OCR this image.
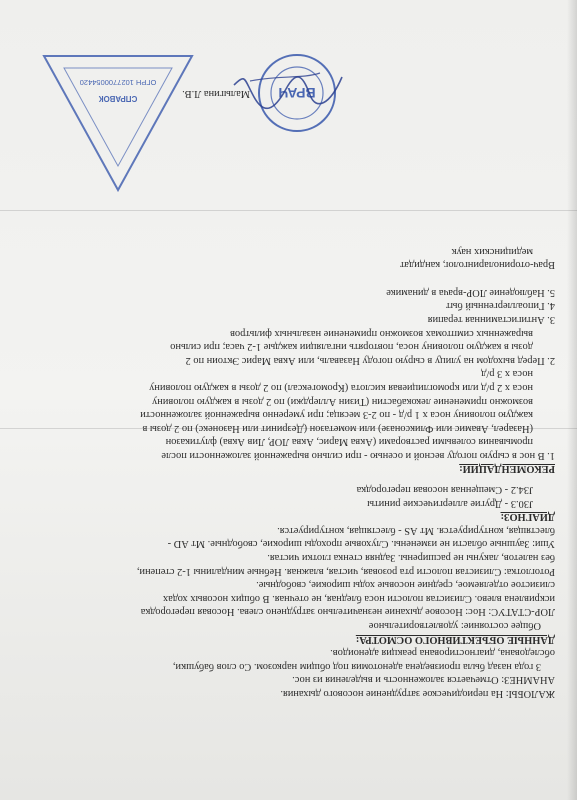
ЖАЛОБЫ: На периодическое затруднение носового дыхания.
АНАМНЕЗ: Отмечается заложенность и выделения из нос.
3 года назад была произведена аденотомия под общим наркозом. Со слов бабушки,
обследована, диагностирована реакция аденоидов.
ДАННЫЕ ОБЪЕКТИВНОГО ОСМОТРА:
Общее состояние: удовлетворительное
ЛОР-СТАТУС: Нос: Носовое дыхание незначительно затруднено слева. Носовая перегородка
искривлена влево. Слизистая полости носа бледная, не отечная. В общих носовых ходах
слизистое отделяемое, средние носовые ходы широкие, свободные.
Ротоглотка: Слизистая полости рта розовая, чистая, влажная. Небные миндалины 1-2 степени,
без налетов, лакуны не расширены. Задняя стенка глотки чистая.
Уши: Заушные области не изменены. Слуховые проходы широкие, свободные. Мт AD -
блестящая, контурируется. Мт AS - блестящая, контурируется.
ДИАГНОЗ:
J30.3 - Другие аллергические риниты
J34.2 - Смещенная носовая перегородка
РЕКОМЕНДАЦИИ:
1. В нос в сырую погоду весной и осенью - при сильно выраженной заложенности после
промывания солевыми растворами (Аква Марис, Аква ЛОР, Лив Аква) флутиказон
(Назарел, Авамис или Фликсоназе) или мометазон (Дезринит или Назонекс) по 2 дозы в
каждую половину носа х 1 р/д - по 2-3 месяца; при умеренно выраженной заложенности
возможно применение лекокабастин (Тизин Аллерджи) по 2 дозы в каждую половину
носа х 2 р/д или кромоглициевая кислота (Кромогексал) по 2 дозы в каждую половину
носа х 3 р/д
2. Перед выходом на улицу в сырую погоду Назаваль, или Аква Марис Эктоин по 2
дозы в каждую половину носа, повторять ингаляции каждые 1-2 часа; при сильно
выраженных симптомах возможно применение назальных фильтров
3. Антигистаминная терапия
4. Гипоаллергенный быт
5. Наблюдение ЛОР-врача в динамике
Врач-оториноларинголог, кандидат
медицинских наук
Малыгина Л.В. ВРАЧ
ОГРН 1027700054420
СПРАВОК
